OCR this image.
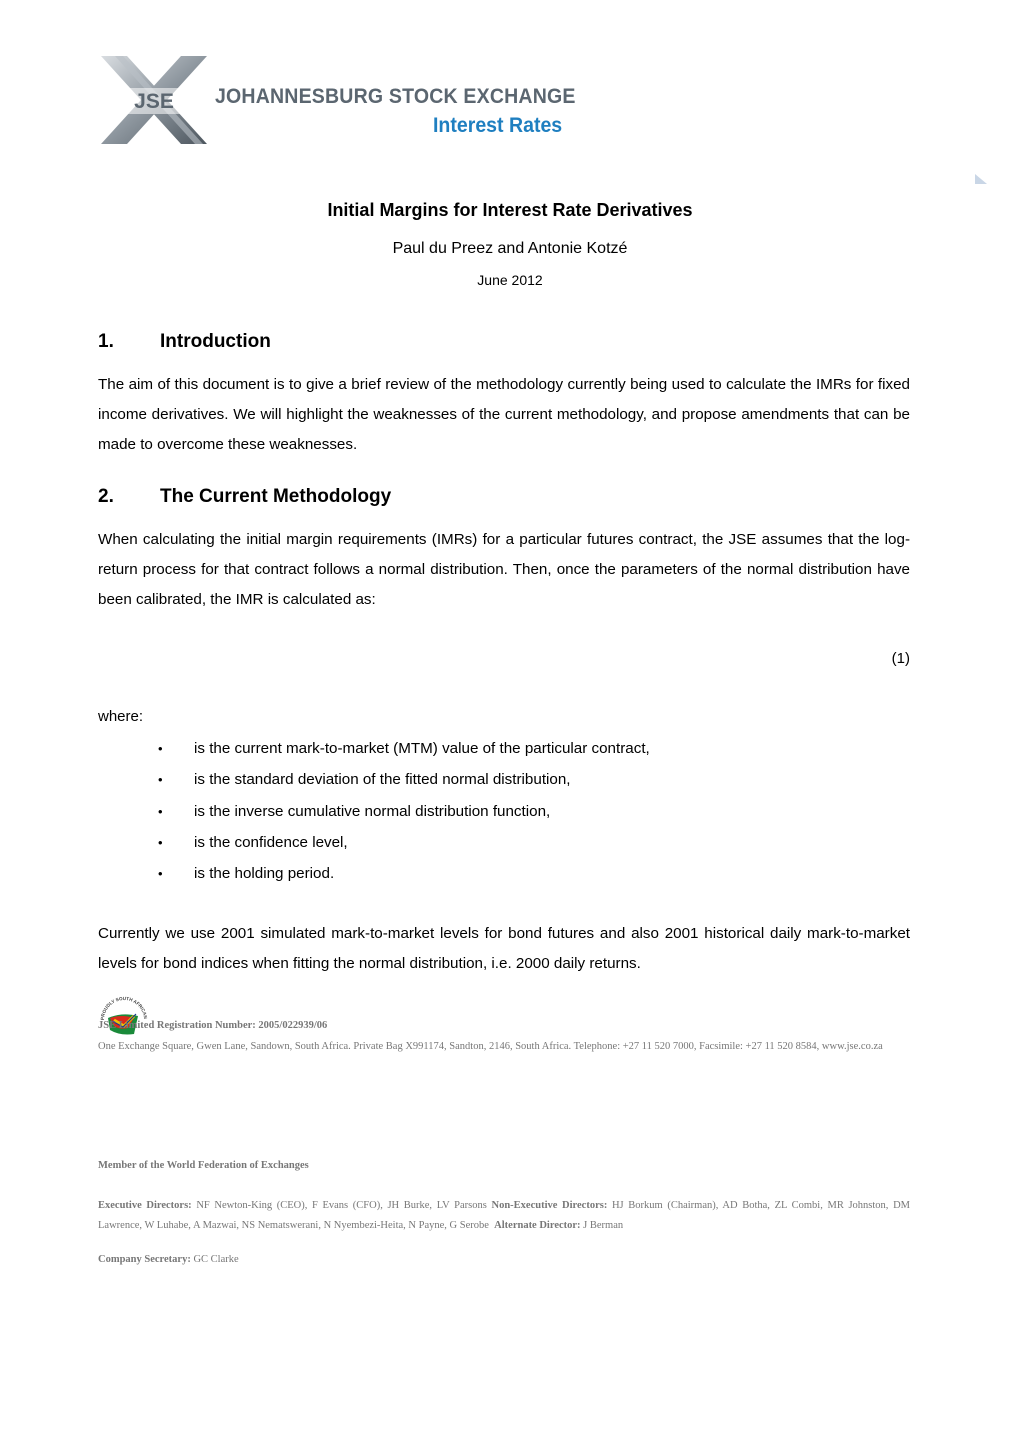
JSE JOHANNESBURG STOCK EXCHANGE
Interest Rates
Initial Margins for Interest Rate Derivatives
Paul du Preez and Antonie Kotzé
June 2012
1. Introduction
The aim of this document is to give a brief review of the methodology currently being used to calculate the IMRs for fixed income derivatives. We will highlight the weaknesses of the current methodology, and propose amendments that can be made to overcome these weaknesses.
2. The Current Methodology
When calculating the initial margin requirements (IMRs) for a particular futures contract, the JSE assumes that the log-return process for that contract follows a normal distribution. Then, once the parameters of the normal distribution have been calibrated, the IMR is calculated as:
(1)
where:
• is the current mark-to-market (MTM) value of the particular contract,
• is the standard deviation of the fitted normal distribution,
• is the inverse cumulative normal distribution function,
• is the confidence level,
• is the holding period.
Currently we use 2001 simulated mark-to-market levels for bond futures and also 2001 historical daily mark-to-market levels for bond indices when fitting the normal distribution, i.e. 2000 daily returns.
PROUDLY SOUTH AFRICAN
JSE Limited Registration Number: 2005/022939/06
One Exchange Square, Gwen Lane, Sandown, South Africa. Private Bag X991174, Sandton, 2146, South Africa. Telephone: +27 11 520 7000, Facsimile: +27 11 520 8584, www.jse.co.za
Member of the World Federation of Exchanges
Executive Directors: NF Newton-King (CEO), F Evans (CFO), JH Burke, LV Parsons Non-Executive Directors: HJ Borkum (Chairman), AD Botha, ZL Combi, MR Johnston, DM Lawrence, W Luhabe, A Mazwai, NS Nematswerani, N Nyembezi-Heita, N Payne, G Serobe Alternate Director: J Berman
Company Secretary: GC Clarke
